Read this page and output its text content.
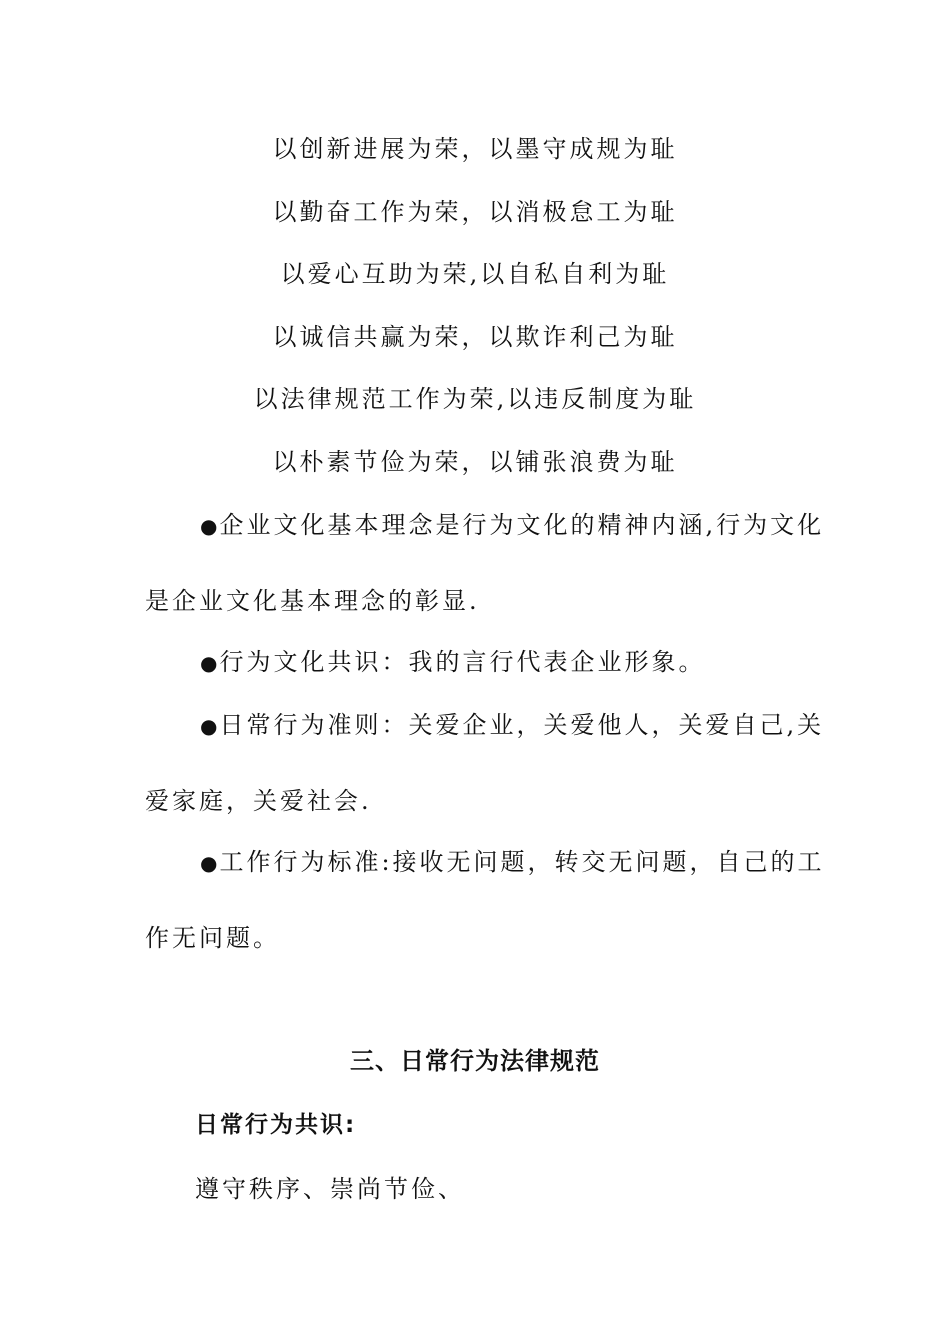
以创新进展为荣，以墨守成规为耻
以勤奋工作为荣，以消极怠工为耻
以爱心互助为荣,以自私自利为耻
以诚信共赢为荣，以欺诈利己为耻
以法律规范工作为荣,以违反制度为耻
以朴素节俭为荣，以铺张浪费为耻
●企业文化基本理念是行为文化的精神内涵,行为文化
是企业文化基本理念的彰显.
●行为文化共识：我的言行代表企业形象。
●日常行为准则：关爱企业，关爱他人，关爱自己,关
爱家庭，关爱社会.
●工作行为标准:接收无问题，转交无问题，自己的工
作无问题。
三、日常行为法律规范
日常行为共识:
遵守秩序、崇尚节俭、
